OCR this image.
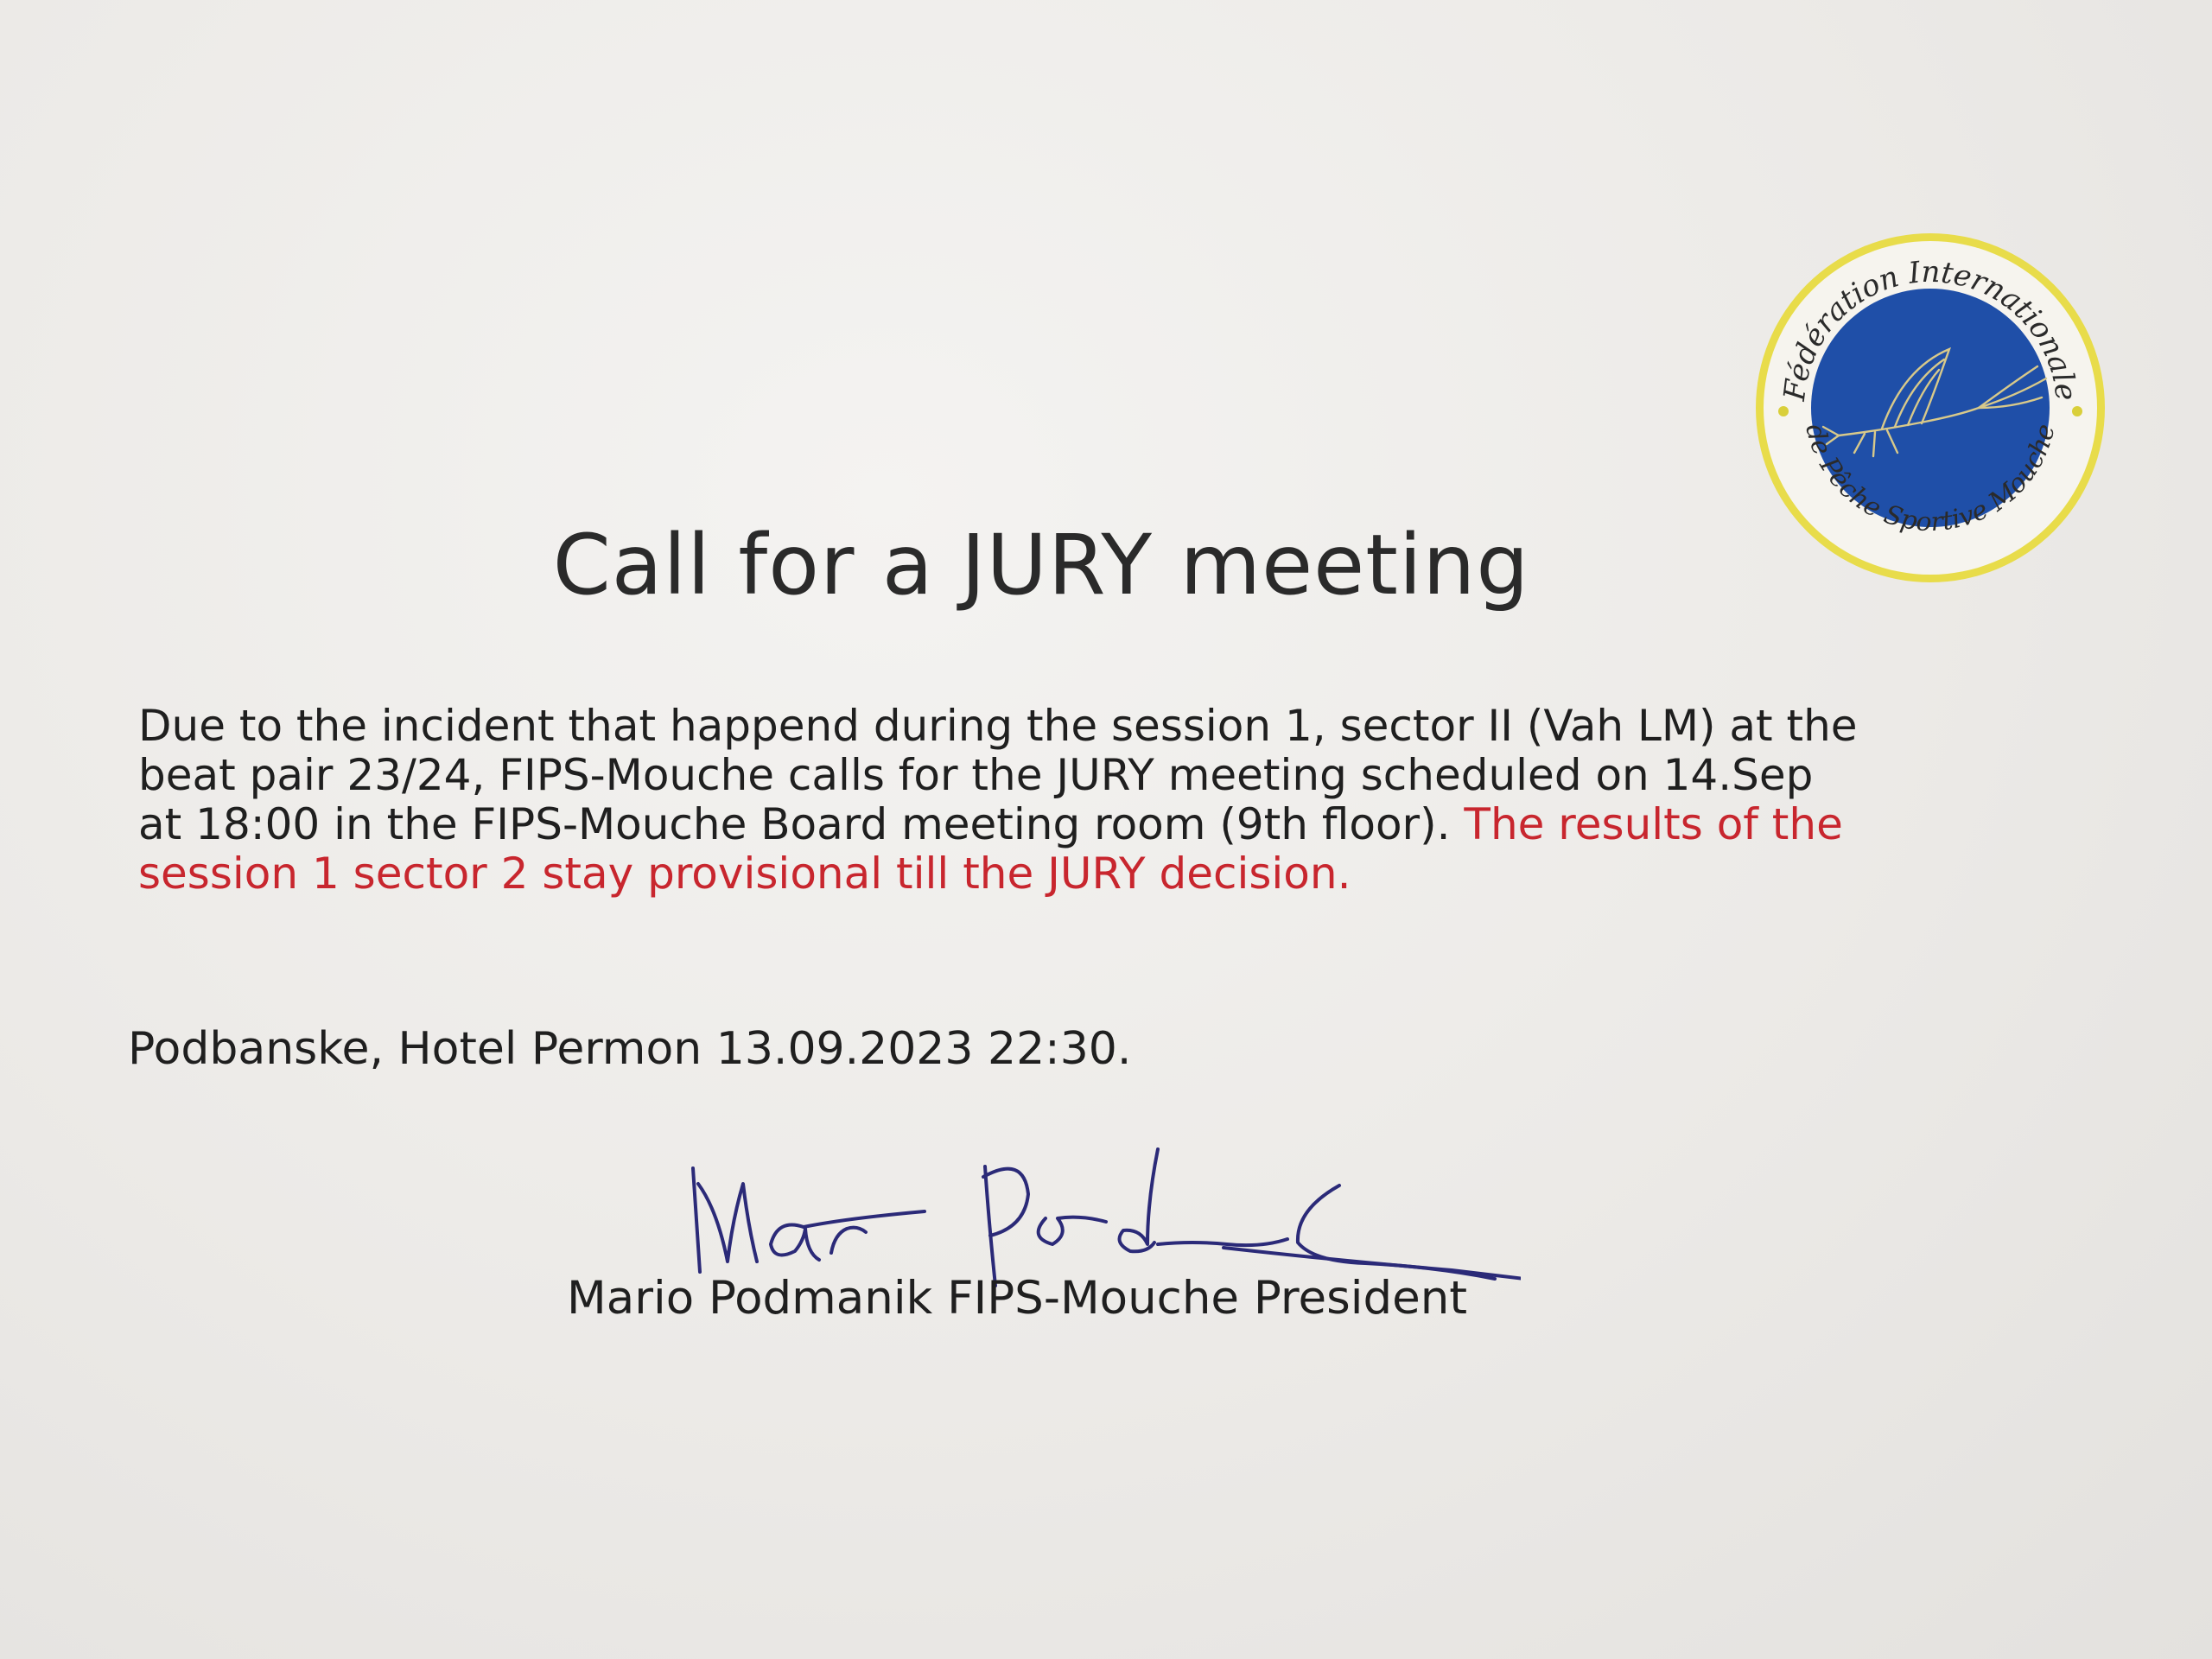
Fédération Internationale
de Pêche Sportive Mouche
Call for a JURY meeting

Due to the incident that happend during the session 1, sector II (Vah LM) at the
beat pair 23/24, FIPS-Mouche calls for the JURY meeting scheduled on 14.Sep
at 18:00 in the FIPS-Mouche Board meeting room (9th floor). The results of the
session 1 sector 2 stay provisional till the JURY decision.

Podbanske, Hotel Permon 13.09.2023 22:30.

Mario Podmanik FIPS-Mouche President
